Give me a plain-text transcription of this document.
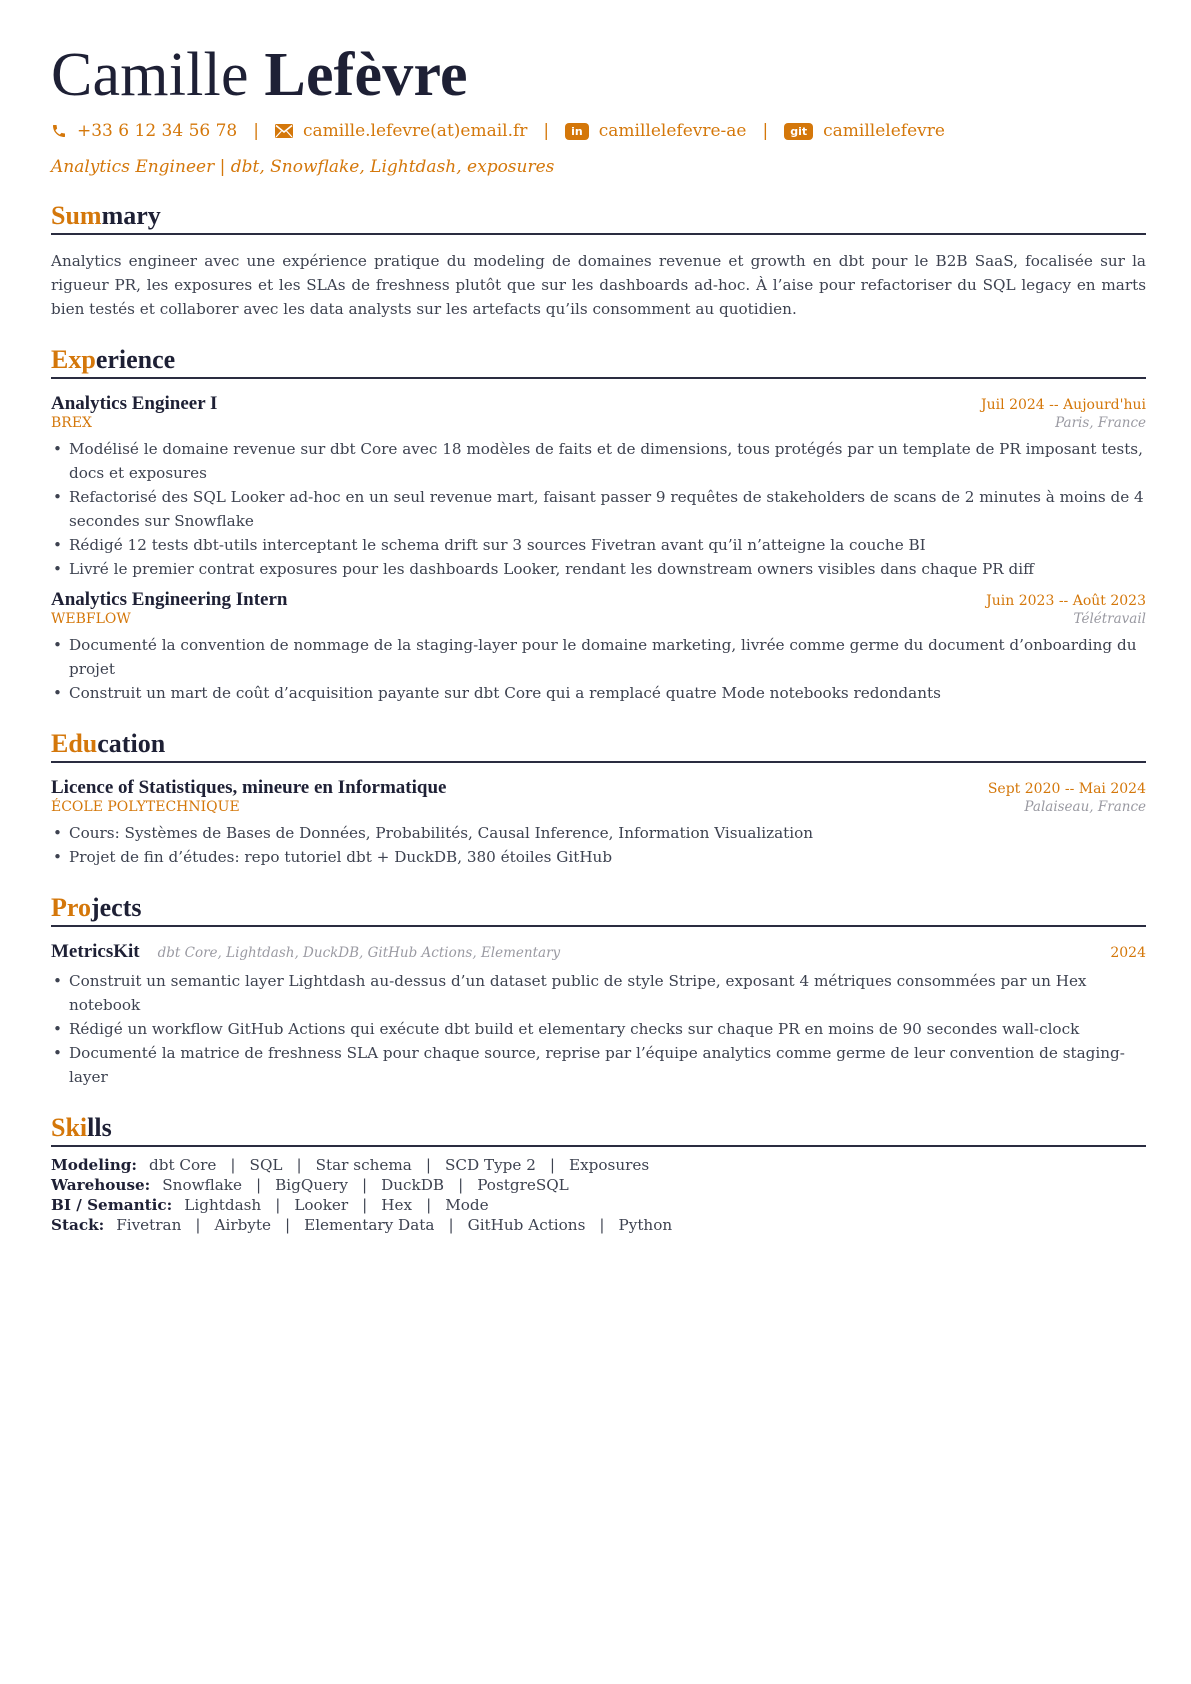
Camille Lefèvre
+33 6 12 34 56 78 |	camille.lefevre(at)email.fr |	in camillelefevre-ae |	git camillelefevre
Analytics Engineer | dbt, Snowflake, Lightdash, exposures
Summary

Analytics engineer avec une expérience pratique du modeling de domaines revenue et growth en dbt pour le B2B SaaS, focalisée sur la rigueur PR, les exposures et les SLAs de freshness plutôt que sur les dashboards ad-hoc. À l’aise pour refactoriser du SQL legacy en marts bien testés et collaborer avec les data analysts sur les artefacts qu’ils consomment au quotidien.

Experience
Analytics Engineer I	Juil 2024 -- Aujourd'hui
BREX	Paris, France
• Modélisé le domaine revenue sur dbt Core avec 18 modèles de faits et de dimensions, tous protégés par un template de PR imposant tests, docs et exposures
• Refactorisé des SQL Looker ad-hoc en un seul revenue mart, faisant passer 9 requêtes de stakeholders de scans de 2 minutes à moins de 4 secondes sur Snowflake
• Rédigé 12 tests dbt-utils interceptant le schema drift sur 3 sources Fivetran avant qu’il n’atteigne la couche BI
• Livré le premier contrat exposures pour les dashboards Looker, rendant les downstream owners visibles dans chaque PR diff
Analytics Engineering Intern	Juin 2023 -- Août 2023
WEBFLOW	Télétravail
• Documenté la convention de nommage de la staging-layer pour le domaine marketing, livrée comme germe du document d’onboarding du projet
• Construit un mart de coût d’acquisition payante sur dbt Core qui a remplacé quatre Mode notebooks redondants
Education
Licence of Statistiques, mineure en Informatique	Sept 2020 -- Mai 2024
ÉCOLE POLYTECHNIQUE	Palaiseau, France
• Cours: Systèmes de Bases de Données, Probabilités, Causal Inference, Information Visualization
• Projet de fin d’études: repo tutoriel dbt + DuckDB, 380 étoiles GitHub
Projects
MetricsKit dbt Core, Lightdash, DuckDB, GitHub Actions, Elementary	2024
• Construit un semantic layer Lightdash au-dessus d’un dataset public de style Stripe, exposant 4 métriques consommées par un Hex notebook
• Rédigé un workflow GitHub Actions qui exécute dbt build et elementary checks sur chaque PR en moins de 90 secondes wall-clock
• Documenté la matrice de freshness SLA pour chaque source, reprise par l’équipe analytics comme germe de leur convention de staging-layer
Skills
Modeling: dbt Core | SQL | Star schema | SCD Type 2 | Exposures
Warehouse: Snowflake | BigQuery | DuckDB | PostgreSQL
BI / Semantic: Lightdash | Looker | Hex | Mode
Stack: Fivetran | Airbyte | Elementary Data | GitHub Actions | Python
